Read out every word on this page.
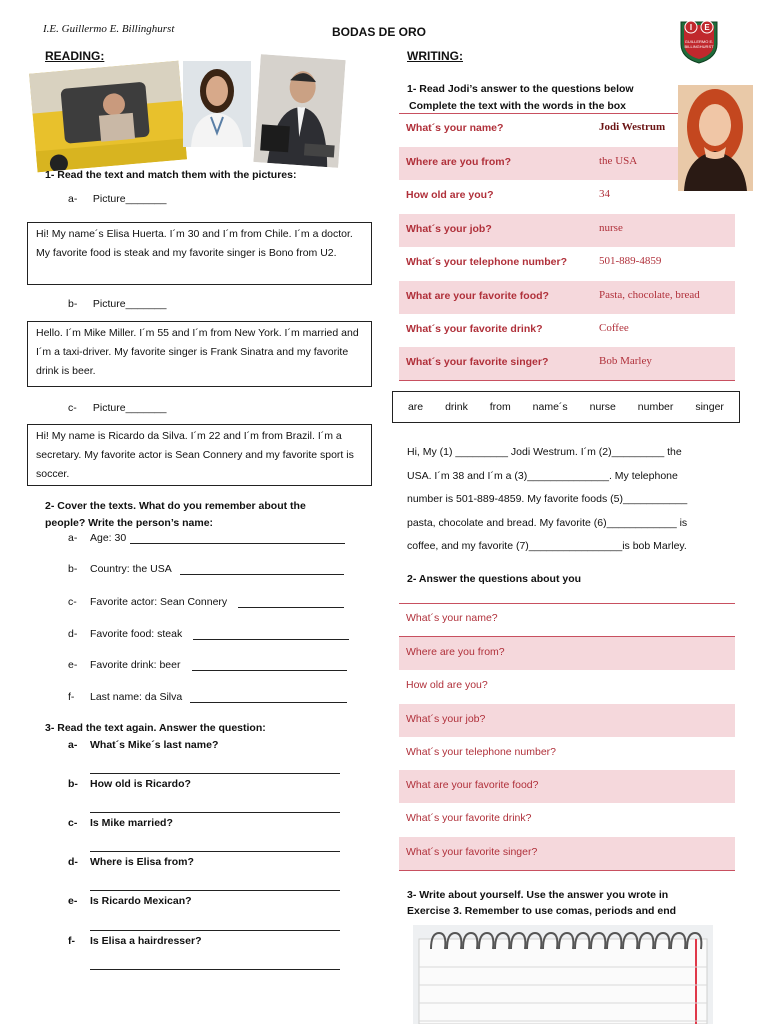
I.E. Guillermo E. Billinghurst	BODAS DE ORO	I E
GUILLERMO E.
BILLINGHURST
READING:
1- Read the text and match them with the pictures:
a- Picture_______
Hi! My name´s Elisa Huerta. I´m 30 and I´m from Chile. I´m a doctor. My favorite food is steak and my favorite singer is Bono from U2.
b- Picture_______
Hello. I´m Mike Miller. I´m 55 and I´m from New York. I´m married and I´m a taxi-driver. My favorite singer is Frank Sinatra and my favorite drink is beer.
c- Picture_______
Hi! My name is Ricardo da Silva. I´m 22 and I´m from Brazil. I´m a secretary. My favorite actor is Sean Connery and my favorite sport is soccer.
2- Cover the texts. What do you remember about the
people? Write the person’s name:
a- Age: 30
b- Country: the USA
c- Favorite actor: Sean Connery
d- Favorite food: steak
e- Favorite drink: beer
f- Last name: da Silva
3- Read the text again. Answer the question:
a- What´s Mike´s last name?
b- How old is Ricardo?
c- Is Mike married?
d- Where is Elisa from?
e- Is Ricardo Mexican?
f- Is Elisa a hairdresser?
WRITING:
1- Read Jodi’s answer to the questions below
Complete the text with the words in the box
What´s your name?	Jodi Westrum
Where are you from?	the USA
How old are you?	34
What´s your job?	nurse
What´s your telephone number?	501-889-4859
What are your favorite food?	Pasta, chocolate, bread
What´s your favorite drink?	Coffee
What´s your favorite singer?	Bob Marley
are drink from name´s nurse number singer
Hi, My (1) _________ Jodi Westrum. I´m (2)_________ the
USA. I´m 38 and I´m a (3)______________. My telephone
number is 501-889-4859. My favorite foods (5)___________
pasta, chocolate and bread. My favorite (6)____________ is
coffee, and my favorite (7)________________is bob Marley.
2- Answer the questions about you
What´s your name?
Where are you from?
How old are you?
What´s your job?
What´s your telephone number?
What are your favorite food?
What´s your favorite drink?
What´s your favorite singer?
3- Write about yourself. Use the answer you wrote in
Exercise 3. Remember to use comas, periods and end
